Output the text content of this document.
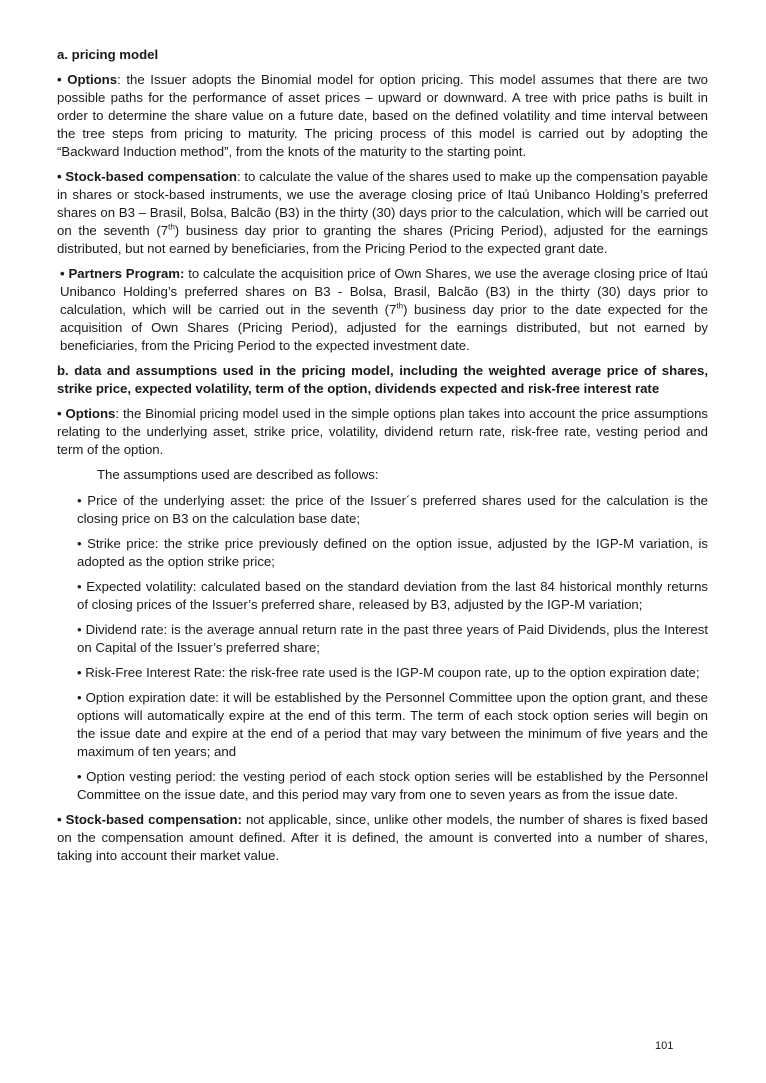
a. pricing model

• Options: the Issuer adopts the Binomial model for option pricing. This model assumes that there are two possible paths for the performance of asset prices – upward or downward. A tree with price paths is built in order to determine the share value on a future date, based on the defined volatility and time interval between the tree steps from pricing to maturity. The pricing process of this model is carried out by adopting the “Backward Induction method”, from the knots of the maturity to the starting point.

• Stock-based compensation: to calculate the value of the shares used to make up the compensation payable in shares or stock-based instruments, we use the average closing price of Itaú Unibanco Holding’s preferred shares on B3 – Brasil, Bolsa, Balcão (B3) in the thirty (30) days prior to the calculation, which will be carried out on the seventh (7th) business day prior to granting the shares (Pricing Period), adjusted for the earnings distributed, but not earned by beneficiaries, from the Pricing Period to the expected grant date.

• Partners Program: to calculate the acquisition price of Own Shares, we use the average closing price of Itaú Unibanco Holding’s preferred shares on B3 - Bolsa, Brasil, Balcão (B3) in the thirty (30) days prior to calculation, which will be carried out in the seventh (7th) business day prior to the date expected for the acquisition of Own Shares (Pricing Period), adjusted for the earnings distributed, but not earned by beneficiaries, from the Pricing Period to the expected investment date.

b. data and assumptions used in the pricing model, including the weighted average price of shares, strike price, expected volatility, term of the option, dividends expected and risk-free interest rate

• Options: the Binomial pricing model used in the simple options plan takes into account the price assumptions relating to the underlying asset, strike price, volatility, dividend return rate, risk-free rate, vesting period and term of the option.

The assumptions used are described as follows:

• Price of the underlying asset: the price of the Issuer´s preferred shares used for the calculation is the closing price on B3 on the calculation base date;

• Strike price: the strike price previously defined on the option issue, adjusted by the IGP-M variation, is adopted as the option strike price;

• Expected volatility: calculated based on the standard deviation from the last 84 historical monthly returns of closing prices of the Issuer’s preferred share, released by B3, adjusted by the IGP-M variation;

• Dividend rate: is the average annual return rate in the past three years of Paid Dividends, plus the Interest on Capital of the Issuer’s preferred share;

• Risk-Free Interest Rate: the risk-free rate used is the IGP-M coupon rate, up to the option expiration date;

• Option expiration date: it will be established by the Personnel Committee upon the option grant, and these options will automatically expire at the end of this term. The term of each stock option series will begin on the issue date and expire at the end of a period that may vary between the minimum of five years and the maximum of ten years; and

• Option vesting period: the vesting period of each stock option series will be established by the Personnel Committee on the issue date, and this period may vary from one to seven years as from the issue date.

• Stock-based compensation: not applicable, since, unlike other models, the number of shares is fixed based on the compensation amount defined. After it is defined, the amount is converted into a number of shares, taking into account their market value.

101
